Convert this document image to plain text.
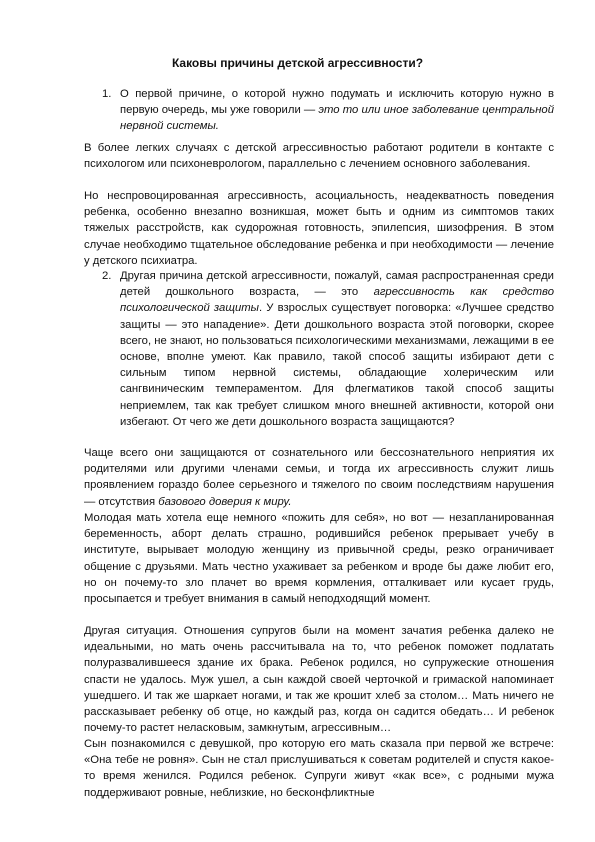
Каковы причины детской агрессивности?
1. О первой причине, о которой нужно подумать и исключить которую нужно в первую очередь, мы уже говорили — это то или иное заболевание центральной нервной системы.
В более легких случаях с детской агрессивностью работают родители в контакте с психологом или психоневрологом, параллельно с лечением основного заболевания.
Но неспровоцированная агрессивность, асоциальность, неадекватность поведения ребенка, особенно внезапно возникшая, может быть и одним из симптомов таких тяжелых расстройств, как судорожная готовность, эпилепсия, шизофрения. В этом случае необходимо тщательное обследование ребенка и при необходимости — лечение у детского психиатра.
2. Другая причина детской агрессивности, пожалуй, самая распространенная среди детей дошкольного возраста, — это агрессивность как средство психологической защиты. У взрослых существует поговорка: «Лучшее средство защиты — это нападение». Дети дошкольного возраста этой поговорки, скорее всего, не знают, но пользоваться психологическими механизмами, лежащими в ее основе, вполне умеют. Как правило, такой способ защиты избирают дети с сильным типом нервной системы, обладающие холерическим или сангвиническим темпераментом. Для флегматиков такой способ защиты неприемлем, так как требует слишком много внешней активности, которой они избегают. От чего же дети дошкольного возраста защищаются?
Чаще всего они защищаются от сознательного или бессознательного неприятия их родителями или другими членами семьи, и тогда их агрессивность служит лишь проявлением гораздо более серьезного и тяжелого по своим последствиям нарушения — отсутствия базового доверия к миру.
Молодая мать хотела еще немного «пожить для себя», но вот — незапланированная беременность, аборт делать страшно, родившийся ребенок прерывает учебу в институте, вырывает молодую женщину из привычной среды, резко ограничивает общение с друзьями. Мать честно ухаживает за ребенком и вроде бы даже любит его, но он почему-то зло плачет во время кормления, отталкивает или кусает грудь, просыпается и требует внимания в самый неподходящий момент.
Другая ситуация. Отношения супругов были на момент зачатия ребенка далеко не идеальными, но мать очень рассчитывала на то, что ребенок поможет подлатать полуразвалившееся здание их брака. Ребенок родился, но супружеские отношения спасти не удалось. Муж ушел, а сын каждой своей черточкой и гримаской напоминает ушедшего. И так же шаркает ногами, и так же крошит хлеб за столом… Мать ничего не рассказывает ребенку об отце, но каждый раз, когда он садится обедать… И ребенок почему-то растет неласковым, замкнутым, агрессивным…
Сын познакомился с девушкой, про которую его мать сказала при первой же встрече: «Она тебе не ровня». Сын не стал прислушиваться к советам родителей и спустя какое-то время женился. Родился ребенок. Супруги живут «как все», с родными мужа поддерживают ровные, неблизкие, но бесконфликтные
